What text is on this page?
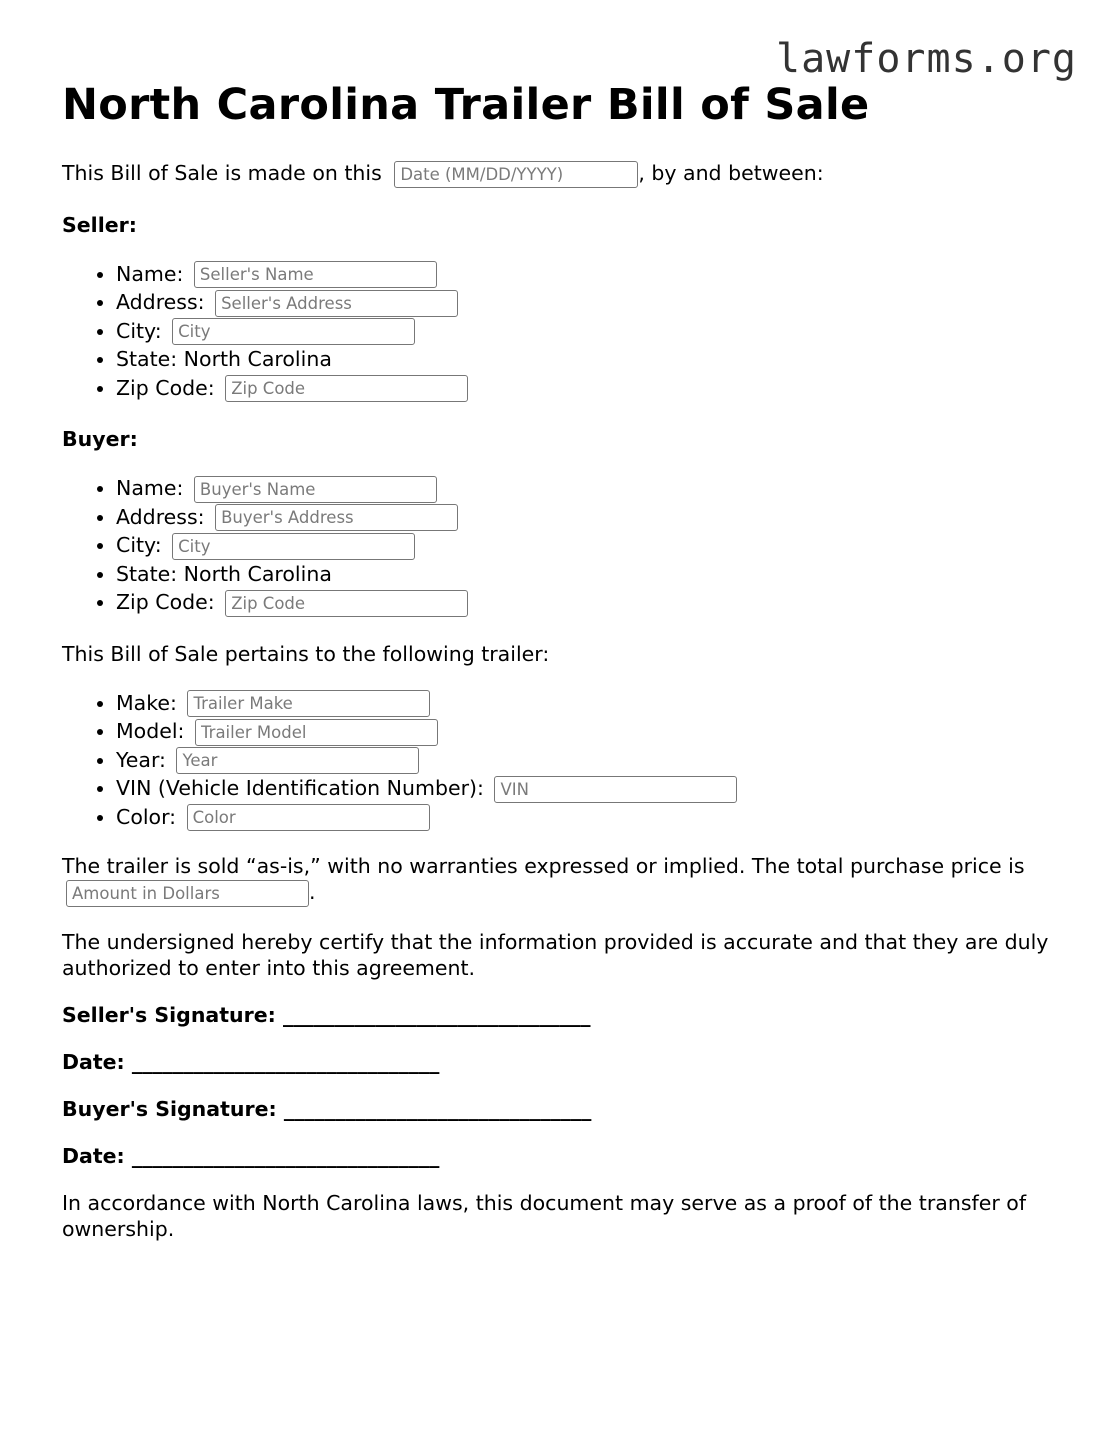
lawforms.org
North Carolina Trailer Bill of Sale

This Bill of Sale is made on this Date (MM/DD/YYYY)	, by and between:

Seller:

• Name: Seller's Name
• Address: Seller's Address
• City: City
• State: North Carolina
• Zip Code: Zip Code

Buyer:

• Name: Buyer's Name
• Address: Buyer's Address
• City: City
• State: North Carolina
• Zip Code: Zip Code

This Bill of Sale pertains to the following trailer:

• Make: Trailer Make
• Model: Trailer Model
• Year: Year
• VIN (Vehicle Identification Number): VIN
• Color: Color

The trailer is sold “as-is,” with no warranties expressed or implied. The total purchase price is Amount in Dollars.

The undersigned hereby certify that the information provided is accurate and that they are duly authorized to enter into this agreement.

Seller's Signature: ______________________________

Date: ______________________________

Buyer's Signature: ______________________________

Date: ______________________________

In accordance with North Carolina laws, this document may serve as a proof of the transfer of ownership.
